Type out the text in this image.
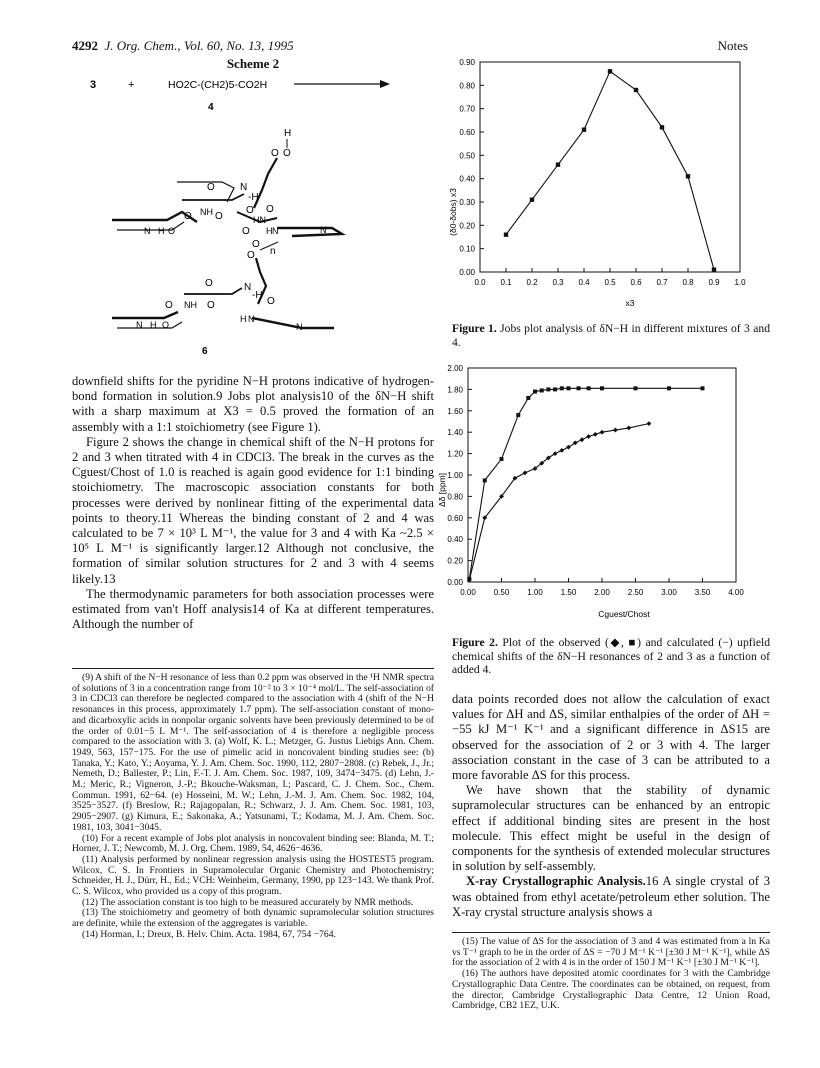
4292 J. Org. Chem., Vol. 60, No. 13, 1995	Notes
Scheme 2
3	+	HO2C-(CH2)5-CO2H
4
H
O O
N
-H
O
O NH O
N H O
O O
HN
O H N	N
O
O n
N
-H
O
O NH O	O
N H O
H N
N
6

downfield shifts for the pyridine N−H protons indicative of hydrogen-bond formation in solution.9 Jobs plot analysis10 of the δN−H shift with a sharp maximum at X3 = 0.5 proved the formation of an assembly with a 1:1 stoichiometry (see Figure 1).

Figure 2 shows the change in chemical shift of the N−H protons for 2 and 3 when titrated with 4 in CDCl3. The break in the curves as the Cguest/Chost of 1.0 is reached is again good evidence for 1:1 binding stoichiometry. The macroscopic association constants for both processes were derived by nonlinear fitting of the experimental data points to theory.11 Whereas the binding constant of 2 and 4 was calculated to be 7 × 10³ L M⁻¹, the value for 3 and 4 with Ka ~2.5 × 10⁵ L M⁻¹ is significantly larger.12 Although not conclusive, the formation of similar solution structures for 2 and 3 with 4 seems likely.13

The thermodynamic parameters for both association processes were estimated from van't Hoff analysis14 of Ka at different temperatures. Although the number of

(9) A shift of the N−H resonance of less than 0.2 ppm was observed in the ¹H NMR spectra of solutions of 3 in a concentration range from 10⁻² to 3 × 10⁻⁴ mol/L. The self-association of 3 in CDCl3 can therefore be neglected compared to the association with 4 (shift of the N−H resonances in this process, approximately 1.7 ppm). The self-association constant of mono- and dicarboxylic acids in nonpolar organic solvents have been previously determined to be of the order of 0.01−5 L M⁻¹. The self-association of 4 is therefore a negligible process compared to the association with 3. (a) Wolf, K. L.; Metzger, G. Justus Liebigs Ann. Chem. 1949, 563, 157−175. For the use of pimelic acid in noncovalent binding studies see: (b) Tanaka, Y.; Kato, Y.; Aoyama, Y. J. Am. Chem. Soc. 1990, 112, 2807−2808. (c) Rebek, J., Jr.; Nemeth, D.; Ballester, P.; Lin, F.-T. J. Am. Chem. Soc. 1987, 109, 3474−3475. (d) Lehn, J.-M.; Meric, R.; Vigneron, J.-P.; Bkouche-Waksman, I.; Pascard, C. J. Chem. Soc., Chem. Commun. 1991, 62−64. (e) Hosseini, M. W.; Lehn, J.-M. J. Am. Chem. Soc. 1982, 104, 3525−3527. (f) Breslow, R.; Rajagopalan, R.; Schwarz, J. J. Am. Chem. Soc. 1981, 103, 2905−2907. (g) Kimura, E.; Sakonaka, A.; Yatsunami, T.; Kodama, M. J. Am. Chem. Soc. 1981, 103, 3041−3045.

(10) For a recent example of Jobs plot analysis in noncovalent binding see: Blanda, M. T.; Horner, J. T.; Newcomb, M. J. Org. Chem. 1989, 54, 4626−4636.

(11) Analysis performed by nonlinear regression analysis using the HOSTEST5 program. Wilcox, C. S. In Frontiers in Supramolecular Organic Chemistry and Photochemistry; Schneider, H. J., Dürr, H., Ed.; VCH: Weinheim, Germany, 1990, pp 123−143. We thank Prof. C. S. Wilcox, who provided us a copy of this program.

(12) The association constant is too high to be measured accurately by NMR methods.

(13) The stoichiometry and geometry of both dynamic supramolecular solution structures are definite, while the extension of the aggregates is variable.

(14) Horman, I.; Dreux, B. Helv. Chim. Acta. 1984, 67, 754 −764.

(δ0-δobs) x3
x3
0.00
0.10
0.20
0.30
0.40
0.50
0.60
0.70
0.80
0.90
0.0 0.1 0.2 0.3 0.4 0.5 0.6 0.7 0.8 0.9 1.0
Figure 1. Jobs plot analysis of δN−H in different mixtures of 3 and 4.
Δδ [ppm]
Cguest/Chost
0.00
0.20
0.40
0.60
0.80
1.00
1.20
1.40
1.60
1.80
2.00
0.00 0.50 1.00 1.50 2.00 2.50 3.00 3.50 4.00
Figure 2. Plot of the observed (◆, ■) and calculated (−) upfield chemical shifts of the δN−H resonances of 2 and 3 as a function of added 4.

data points recorded does not allow the calculation of exact values for ΔH and ΔS, similar enthalpies of the order of ΔH = −55 kJ M⁻¹ K⁻¹ and a significant difference in ΔS15 are observed for the association of 2 or 3 with 4. The larger association constant in the case of 3 can be attributed to a more favorable ΔS for this process.

We have shown that the stability of dynamic supramolecular structures can be enhanced by an entropic effect if additional binding sites are present in the host molecule. This effect might be useful in the design of components for the synthesis of extended molecular structures in solution by self-assembly.

X-ray Crystallographic Analysis.16 A single crystal of 3 was obtained from ethyl acetate/petroleum ether solution. The X-ray crystal structure analysis shows a

(15) The value of ΔS for the association of 3 and 4 was estimated from a ln Ka vs T⁻¹ graph to be in the order of ΔS = −70 J M⁻¹ K⁻¹ [±30 J M⁻¹ K⁻¹], while ΔS for the association of 2 with 4 is in the order of 150 J M⁻¹ K⁻¹ [±30 J M⁻¹ K⁻¹].

(16) The authors have deposited atomic coordinates for 3 with the Cambridge Crystallographic Data Centre. The coordinates can be obtained, on request, from the director, Cambridge Crystallographic Data Centre, 12 Union Road, Cambridge, CB2 1EZ, U.K.
